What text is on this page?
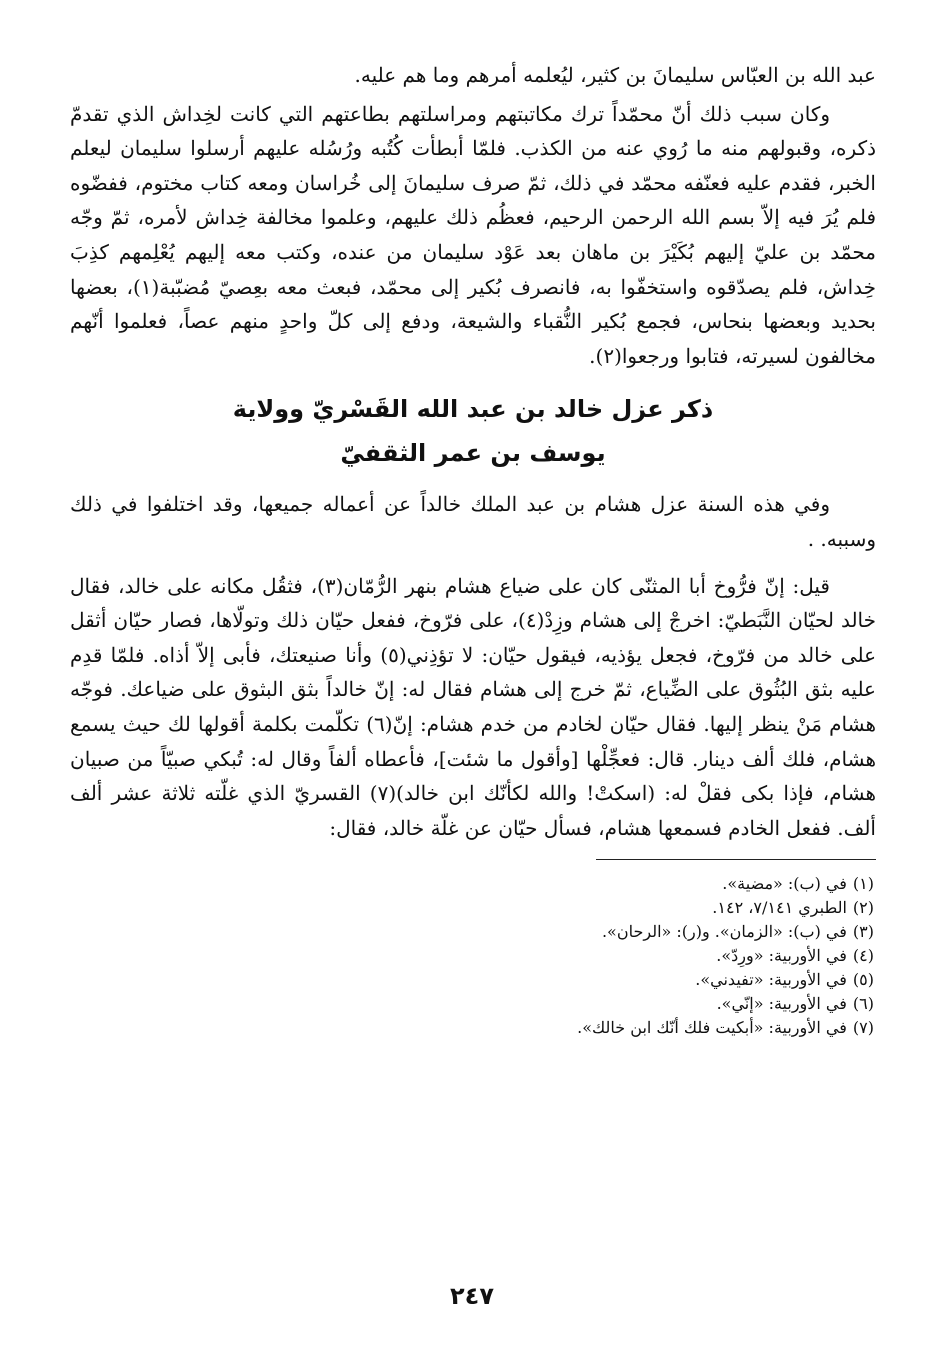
عبد الله بن العبّاس سليمانَ بن كثير، ليُعلمه أمرهم وما هم عليه.

وكان سبب ذلك أنّ محمّداً ترك مكاتبتهم ومراسلتهم بطاعتهم التي كانت لخِداش الذي تقدمّ ذكره، وقبولهم منه ما رُوي عنه من الكذب. فلمّا أبطأت كُتُبه ورُسُله عليهم أرسلوا سليمان ليعلم الخبر، فقدم عليه فعنّفه محمّد في ذلك، ثمّ صرف سليمانَ إلى خُراسان ومعه كتاب مختوم، ففضّوه فلم يُرَ فيه إلاّ بسم الله الرحمن الرحيم، فعظُم ذلك عليهم، وعلموا مخالفة خِداش لأمره، ثمّ وجّه محمّد بن عليّ إليهم بُكَيْرَ بن ماهان بعد عَوْد سليمان من عنده، وكتب معه إليهم يُعْلِمهم كذِبَ خِداش، فلم يصدّقوه واستخفّوا به، فانصرف بُكير إلى محمّد، فبعث معه بعِصيّ مُضبّبة(١)، بعضها بحديد وبعضها بنحاس، فجمع بُكير النُّقباء والشيعة، ودفع إلى كلّ واحدٍ منهم عصاً، فعلموا أنّهم مخالفون لسيرته، فتابوا ورجعوا(٢).

ذكر عزل خالد بن عبد الله القَسْريّ وولاية

يوسف بن عمر الثقفيّ

وفي هذه السنة عزل هشام بن عبد الملك خالداً عن أعماله جميعها، وقد اختلفوا في ذلك وسببه. .

قيل: إنّ فرُّوخ أبا المثنّى كان على ضياع هشام بنهر الرُّمّان(٣)، فثقُل مكانه على خالد، فقال خالد لحيّان النَّبَطيّ: اخرجْ إلى هشام وزِدْ(٤)، على فرّوخ، ففعل حيّان ذلك وتولّاها، فصار حيّان أثقل على خالد من فرّوخ، فجعل يؤذيه، فيقول حيّان: لا تؤذِني(٥) وأنا صنيعتك، فأبى إلاّ أذاه. فلمّا قدِم عليه بثق البُثُوق على الضِّياع، ثمّ خرج إلى هشام فقال له: إنّ خالداً بثق البثوق على ضياعك. فوجّه هشام مَنْ ينظر إليها. فقال حيّان لخادم من خدم هشام: إنّ(٦) تكلّمت بكلمة أقولها لك حيث يسمع هشام، فلك ألف دينار. قال: فعجِّلْها [وأقول ما شئت]، فأعطاه ألفاً وقال له: تُبكي صبيّاً من صبيان هشام، فإذا بكى فقلْ له: (اسكتْ! والله لكأنّك ابن خالد)(٧) القسريّ الذي غلّته ثلاثة عشر ألف ألف. ففعل الخادم فسمعها هشام، فسأل حيّان عن غلّة خالد، فقال:

(١)في (ب): «مضية».
(٢)الطبري ٧/١٤١، ١٤٢.
(٣)في (ب): «الزمان». و(ر): «الرحان».
(٤)في الأوربية: «ورِدّ».
(٥)في الأوربية: «تفيدني».
(٦)في الأوربية: «إنّي».
(٧)في الأوربية: «أبكيت فلك أنّك ابن خالك».
٢٤٧
